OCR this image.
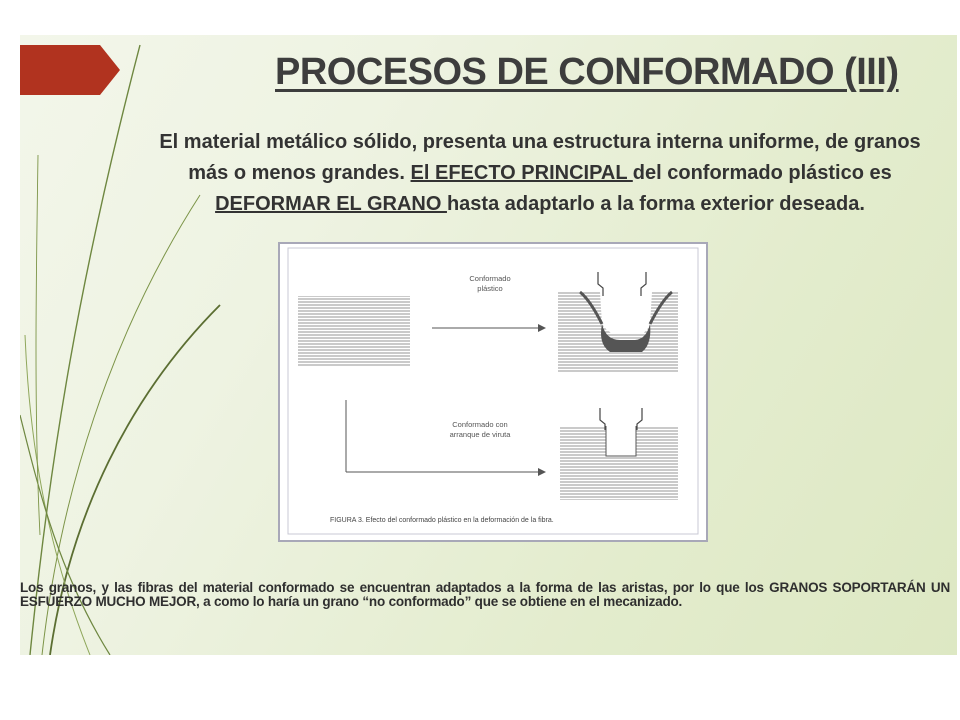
PROCESOS DE CONFORMADO (III)
El material metálico sólido, presenta una estructura interna uniforme, de granos más o menos grandes. El EFECTO PRINCIPAL del conformado plástico es DEFORMAR EL GRANO hasta adaptarlo a la forma exterior deseada.
Conformado plástico
Conformado con arranque de viruta
FIGURA 3. Efecto del conformado plástico en la deformación de la fibra.
Los granos, y las fibras del material conformado se encuentran adaptados a la forma de las aristas, por lo que los GRANOS SOPORTARÁN UN ESFUERZO MUCHO MEJOR, a como lo haría un grano “no conformado” que se obtiene en el mecanizado.
